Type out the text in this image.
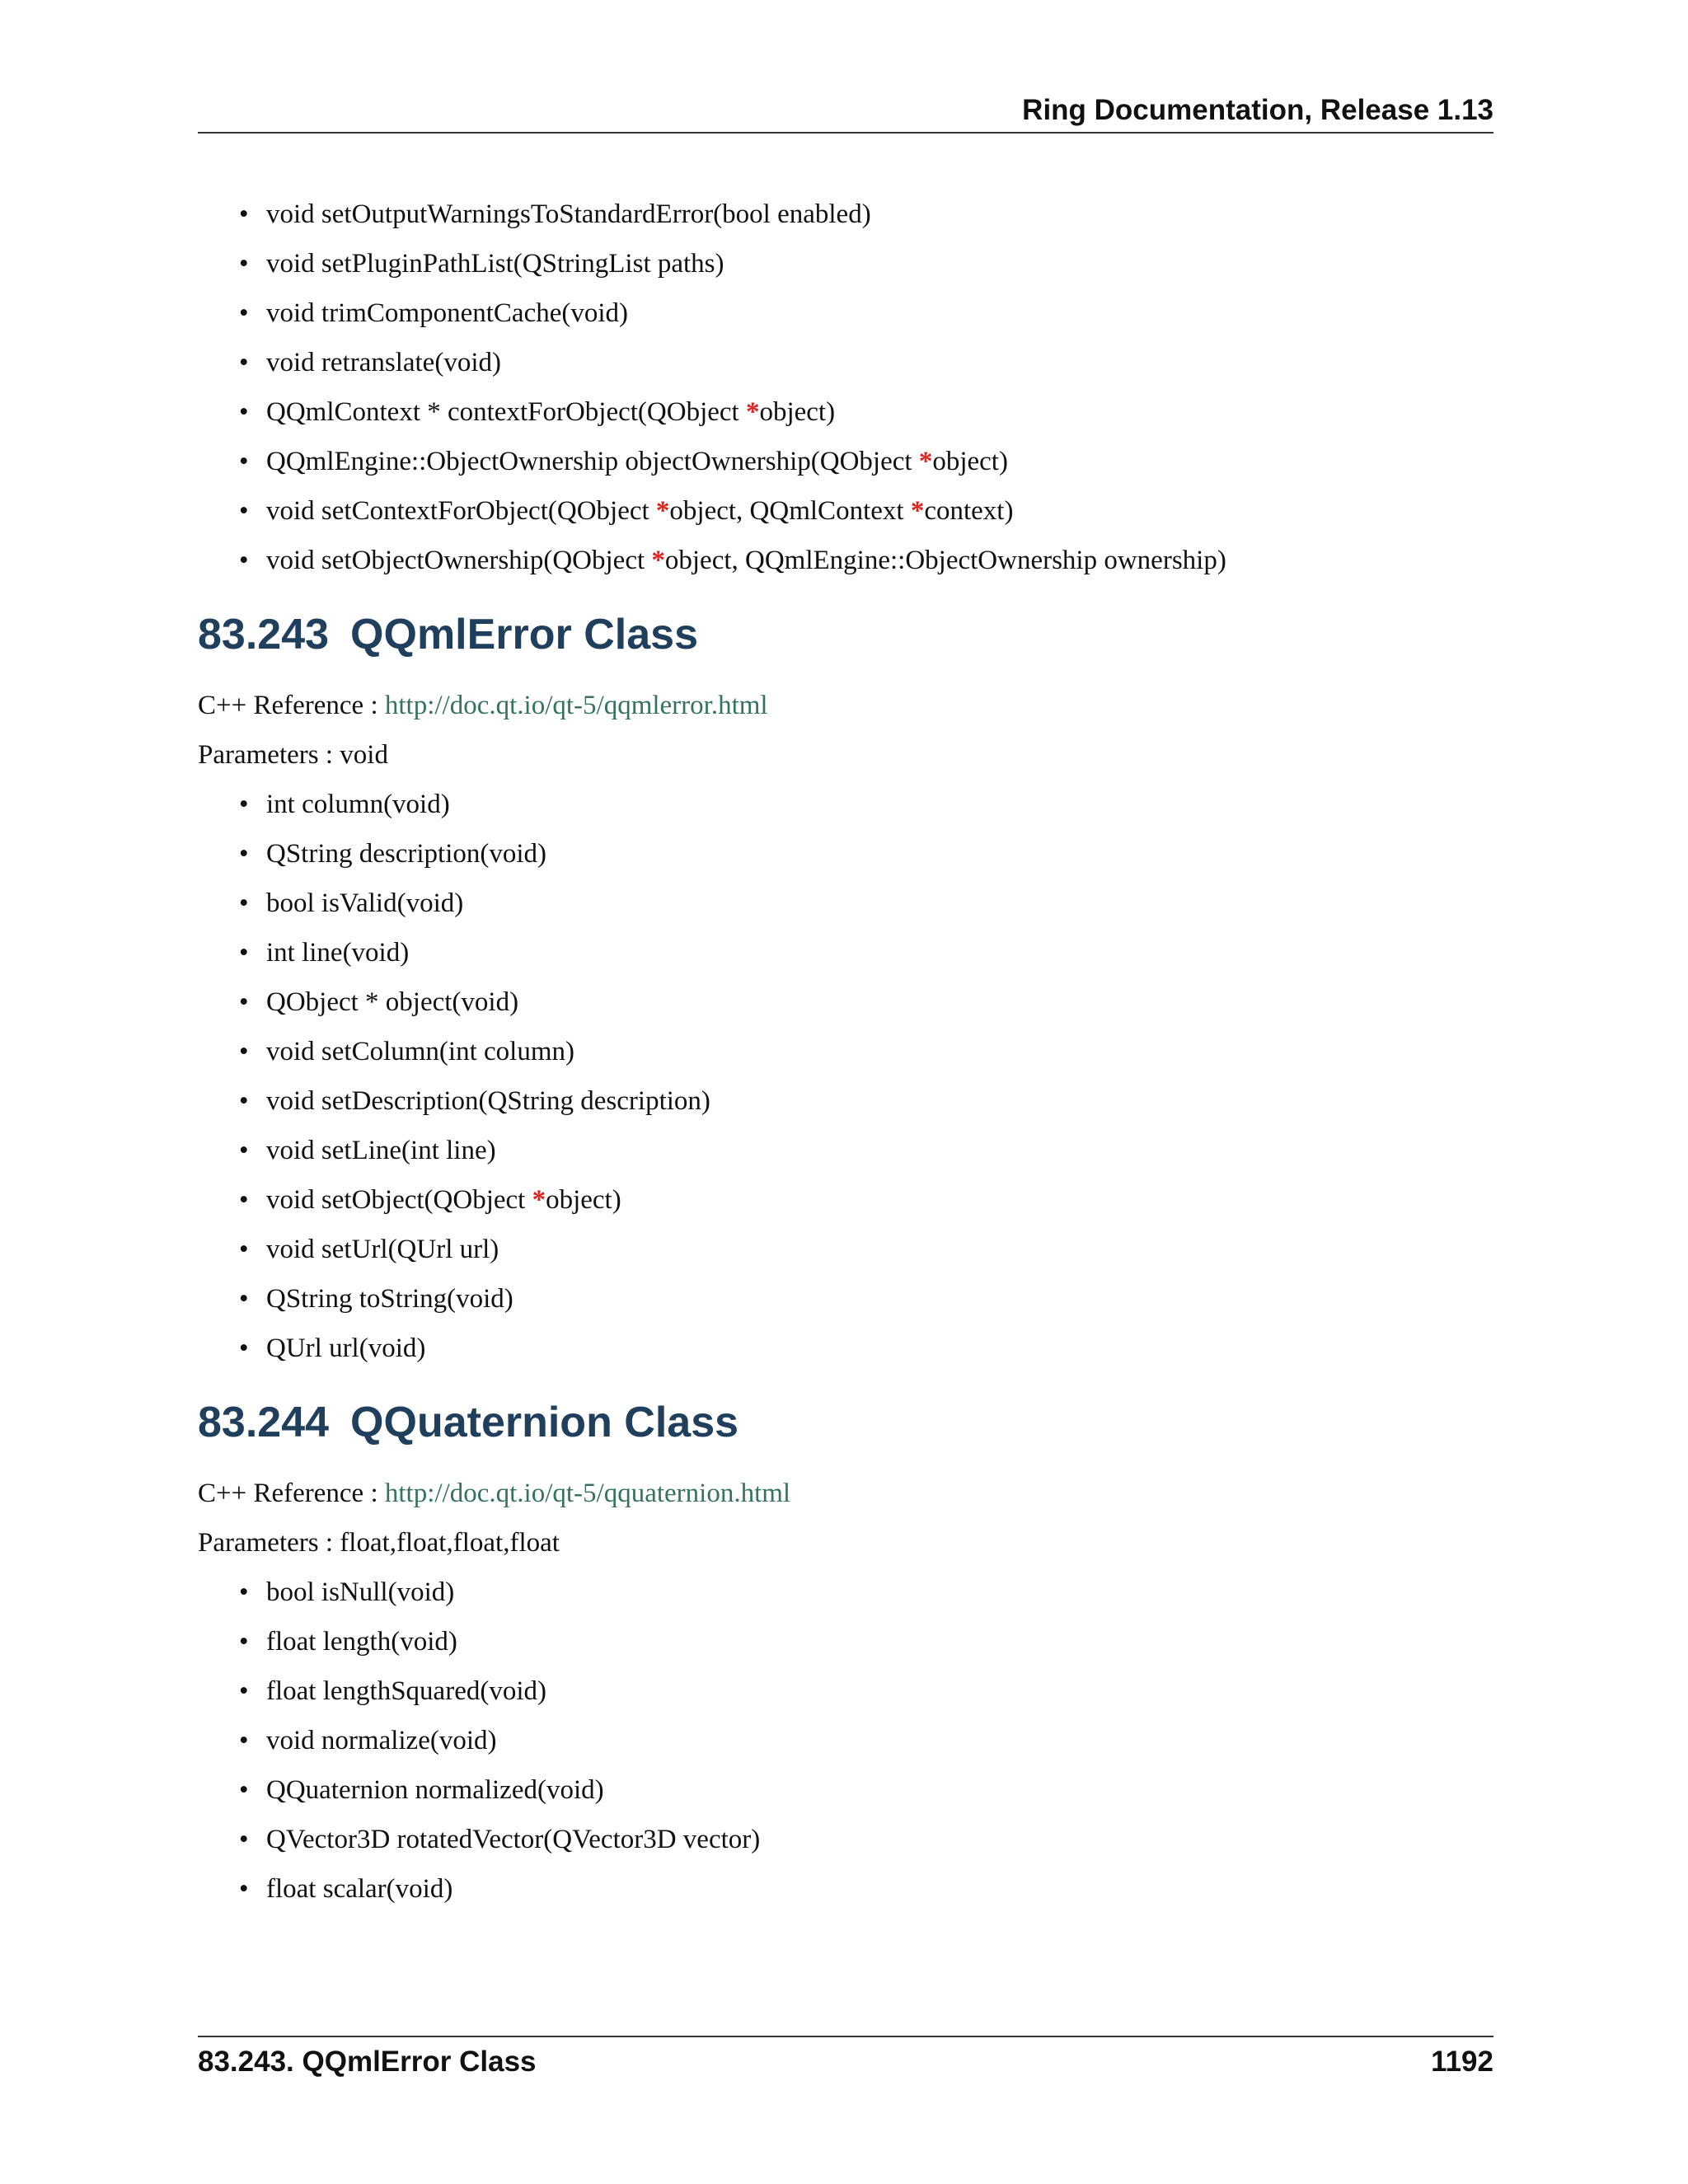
Ring Documentation, Release 1.13
• void setOutputWarningsToStandardError(bool enabled)
• void setPluginPathList(QStringList paths)
• void trimComponentCache(void)
• void retranslate(void)
• QQmlContext * contextForObject(QObject *object)
• QQmlEngine::ObjectOwnership objectOwnership(QObject *object)
• void setContextForObject(QObject *object, QQmlContext *context)
• void setObjectOwnership(QObject *object, QQmlEngine::ObjectOwnership ownership)
83.243 QQmlError Class

C++ Reference : http://doc.qt.io/qt-5/qqmlerror.html

Parameters : void

• int column(void)
• QString description(void)
• bool isValid(void)
• int line(void)
• QObject * object(void)
• void setColumn(int column)
• void setDescription(QString description)
• void setLine(int line)
• void setObject(QObject *object)
• void setUrl(QUrl url)
• QString toString(void)
• QUrl url(void)
83.244 QQuaternion Class

C++ Reference : http://doc.qt.io/qt-5/qquaternion.html

Parameters : float,float,float,float

• bool isNull(void)
• float length(void)
• float lengthSquared(void)
• void normalize(void)
• QQuaternion normalized(void)
• QVector3D rotatedVector(QVector3D vector)
• float scalar(void)
83.243. QQmlError Class	1192
